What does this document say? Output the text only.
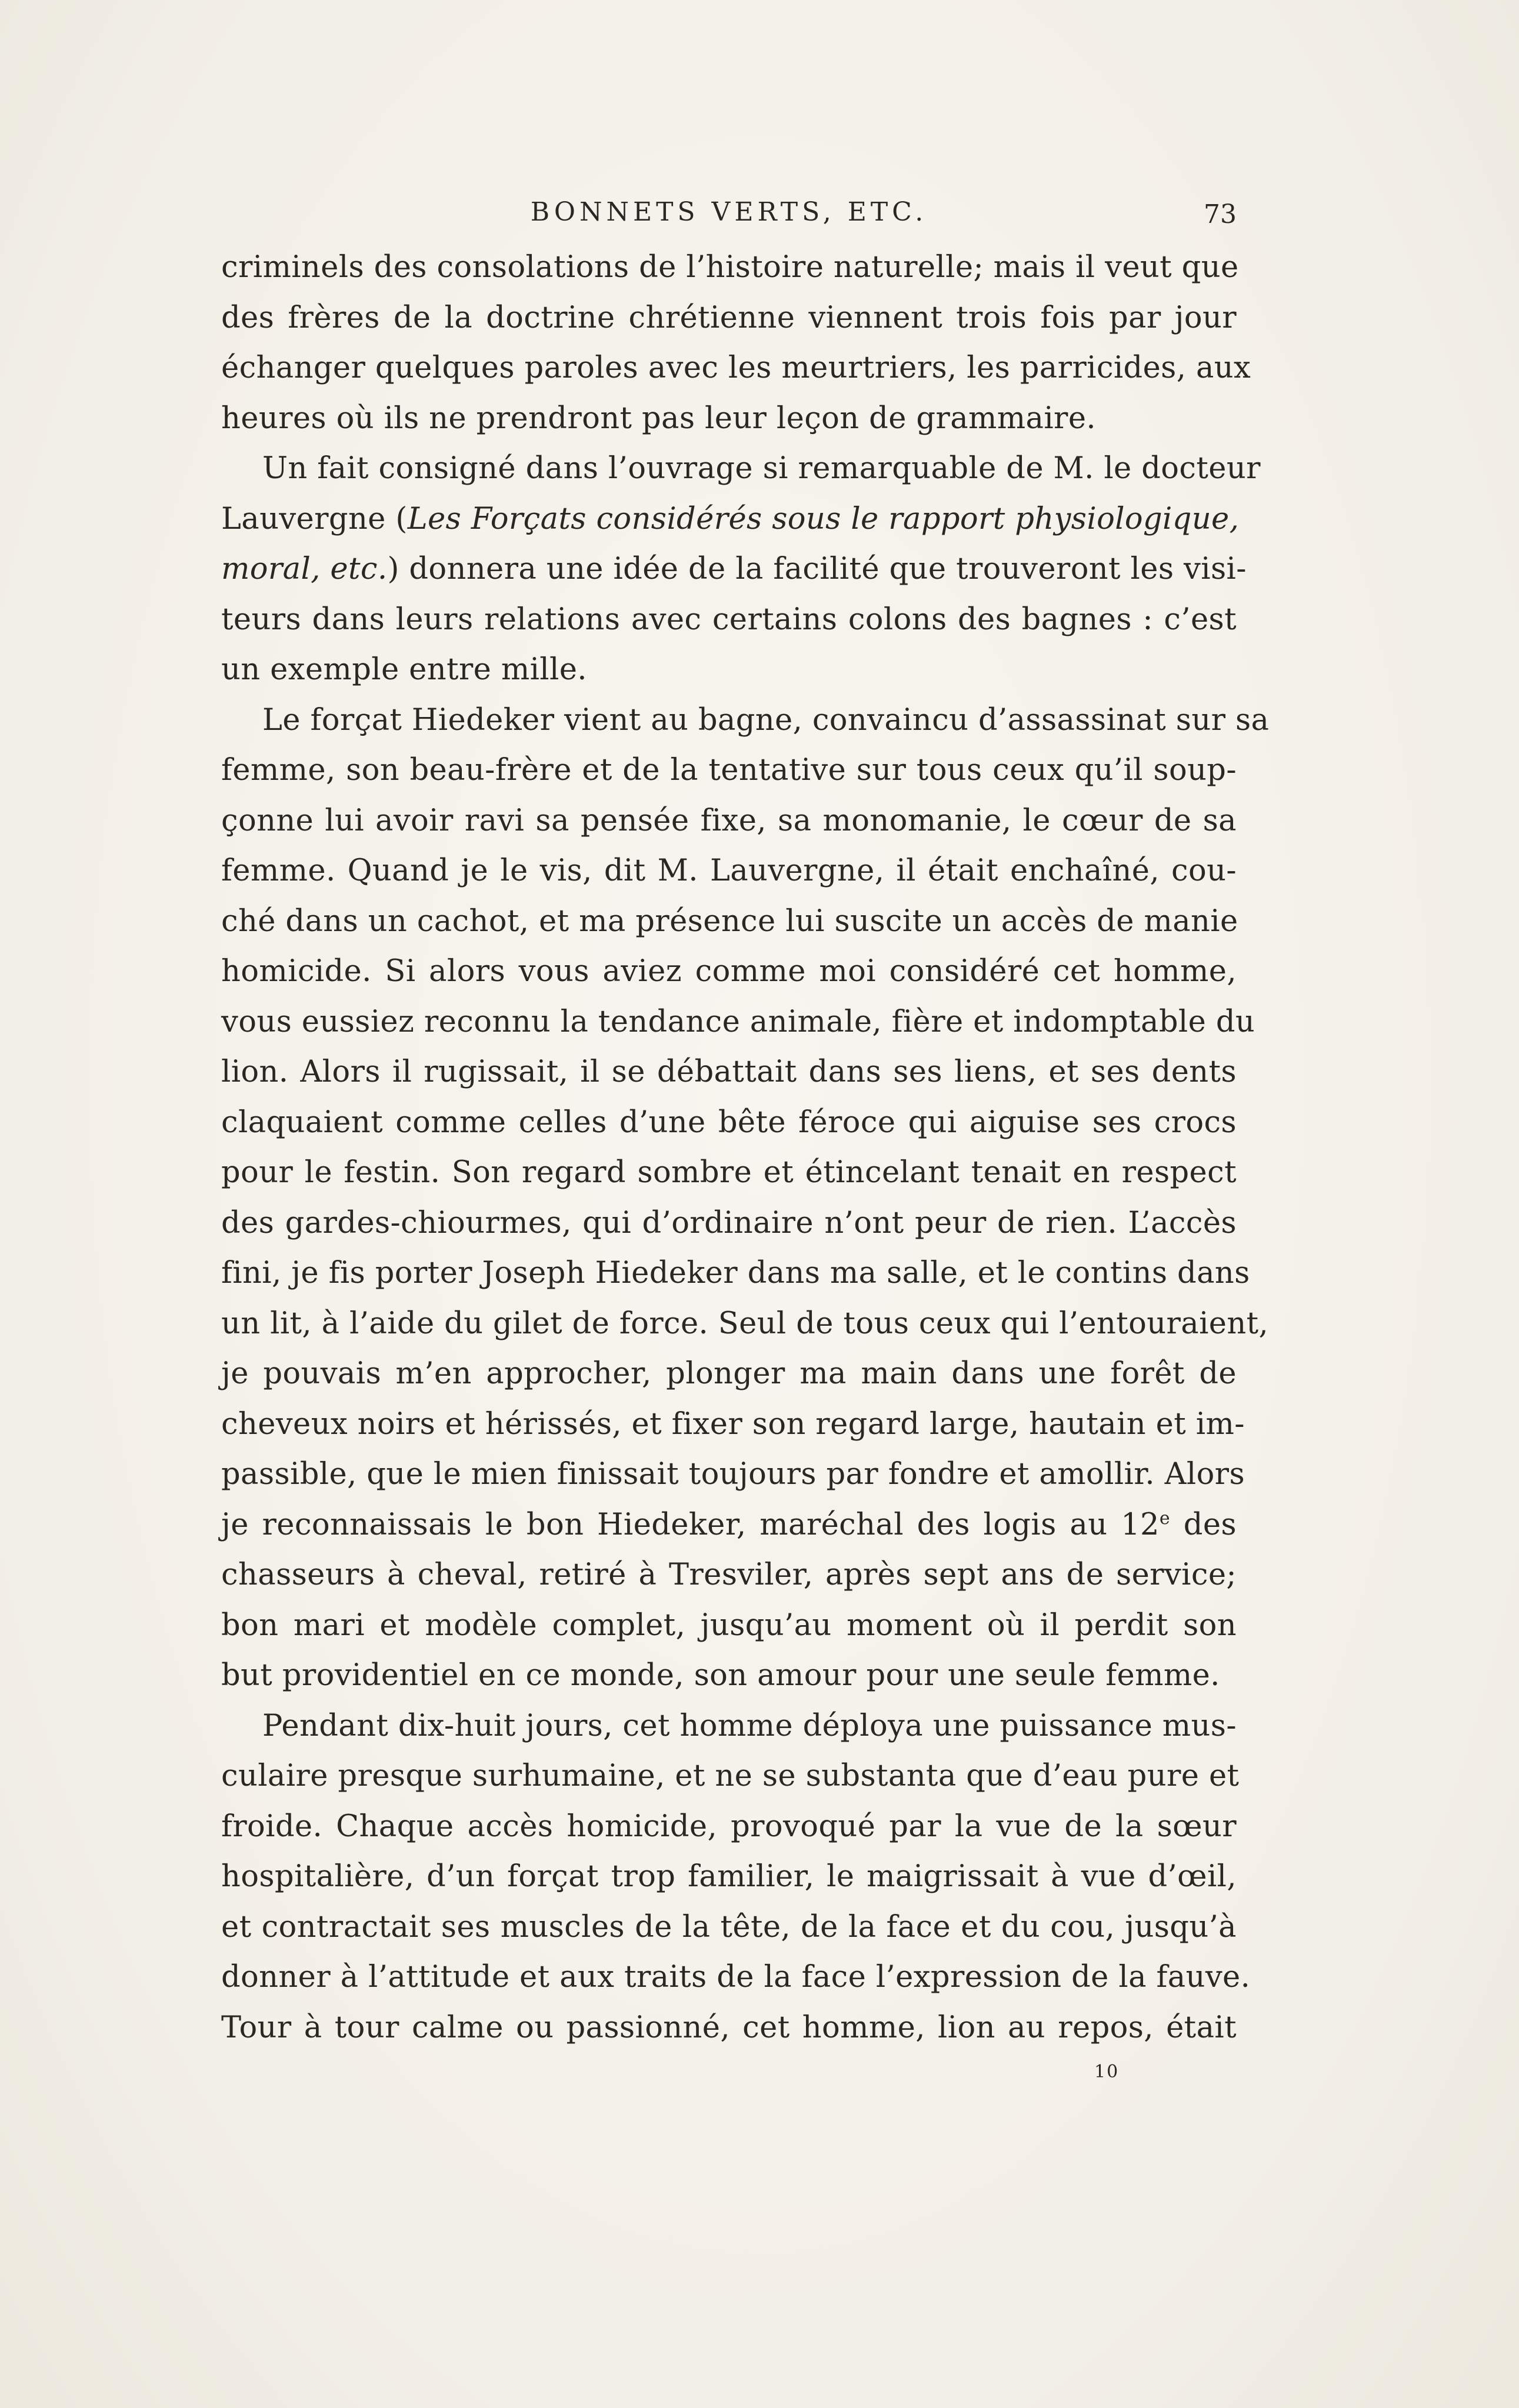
BONNETS VERTS, ETC.	73
criminels des consolations de l’histoire naturelle; mais il veut que
des frères de la doctrine chrétienne viennent trois fois par jour
échanger quelques paroles avec les meurtriers, les parricides, aux
heures où ils ne prendront pas leur leçon de grammaire.
Un fait consigné dans l’ouvrage si remarquable de M. le docteur
Lauvergne (Les Forçats considérés sous le rapport physiologique,
moral, etc.) donnera une idée de la facilité que trouveront les visi-
teurs dans leurs relations avec certains colons des bagnes : c’est
un exemple entre mille.
Le forçat Hiedeker vient au bagne, convaincu d’assassinat sur sa
femme, son beau-frère et de la tentative sur tous ceux qu’il soup-
çonne lui avoir ravi sa pensée fixe, sa monomanie, le cœur de sa
femme. Quand je le vis, dit M. Lauvergne, il était enchaîné, cou-
ché dans un cachot, et ma présence lui suscite un accès de manie
homicide. Si alors vous aviez comme moi considéré cet homme,
vous eussiez reconnu la tendance animale, fière et indomptable du
lion. Alors il rugissait, il se débattait dans ses liens, et ses dents
claquaient comme celles d’une bête féroce qui aiguise ses crocs
pour le festin. Son regard sombre et étincelant tenait en respect
des gardes-chiourmes, qui d’ordinaire n’ont peur de rien. L’accès
fini, je fis porter Joseph Hiedeker dans ma salle, et le contins dans
un lit, à l’aide du gilet de force. Seul de tous ceux qui l’entouraient,
je pouvais m’en approcher, plonger ma main dans une forêt de
cheveux noirs et hérissés, et fixer son regard large, hautain et im-
passible, que le mien finissait toujours par fondre et amollir. Alors
je reconnaissais le bon Hiedeker, maréchal des logis au 12e des
chasseurs à cheval, retiré à Tresviler, après sept ans de service;
bon mari et modèle complet, jusqu’au moment où il perdit son
but providentiel en ce monde, son amour pour une seule femme.
Pendant dix-huit jours, cet homme déploya une puissance mus-
culaire presque surhumaine, et ne se substanta que d’eau pure et
froide. Chaque accès homicide, provoqué par la vue de la sœur
hospitalière, d’un forçat trop familier, le maigrissait à vue d’œil,
et contractait ses muscles de la tête, de la face et du cou, jusqu’à
donner à l’attitude et aux traits de la face l’expression de la fauve.
Tour à tour calme ou passionné, cet homme, lion au repos, était
10
